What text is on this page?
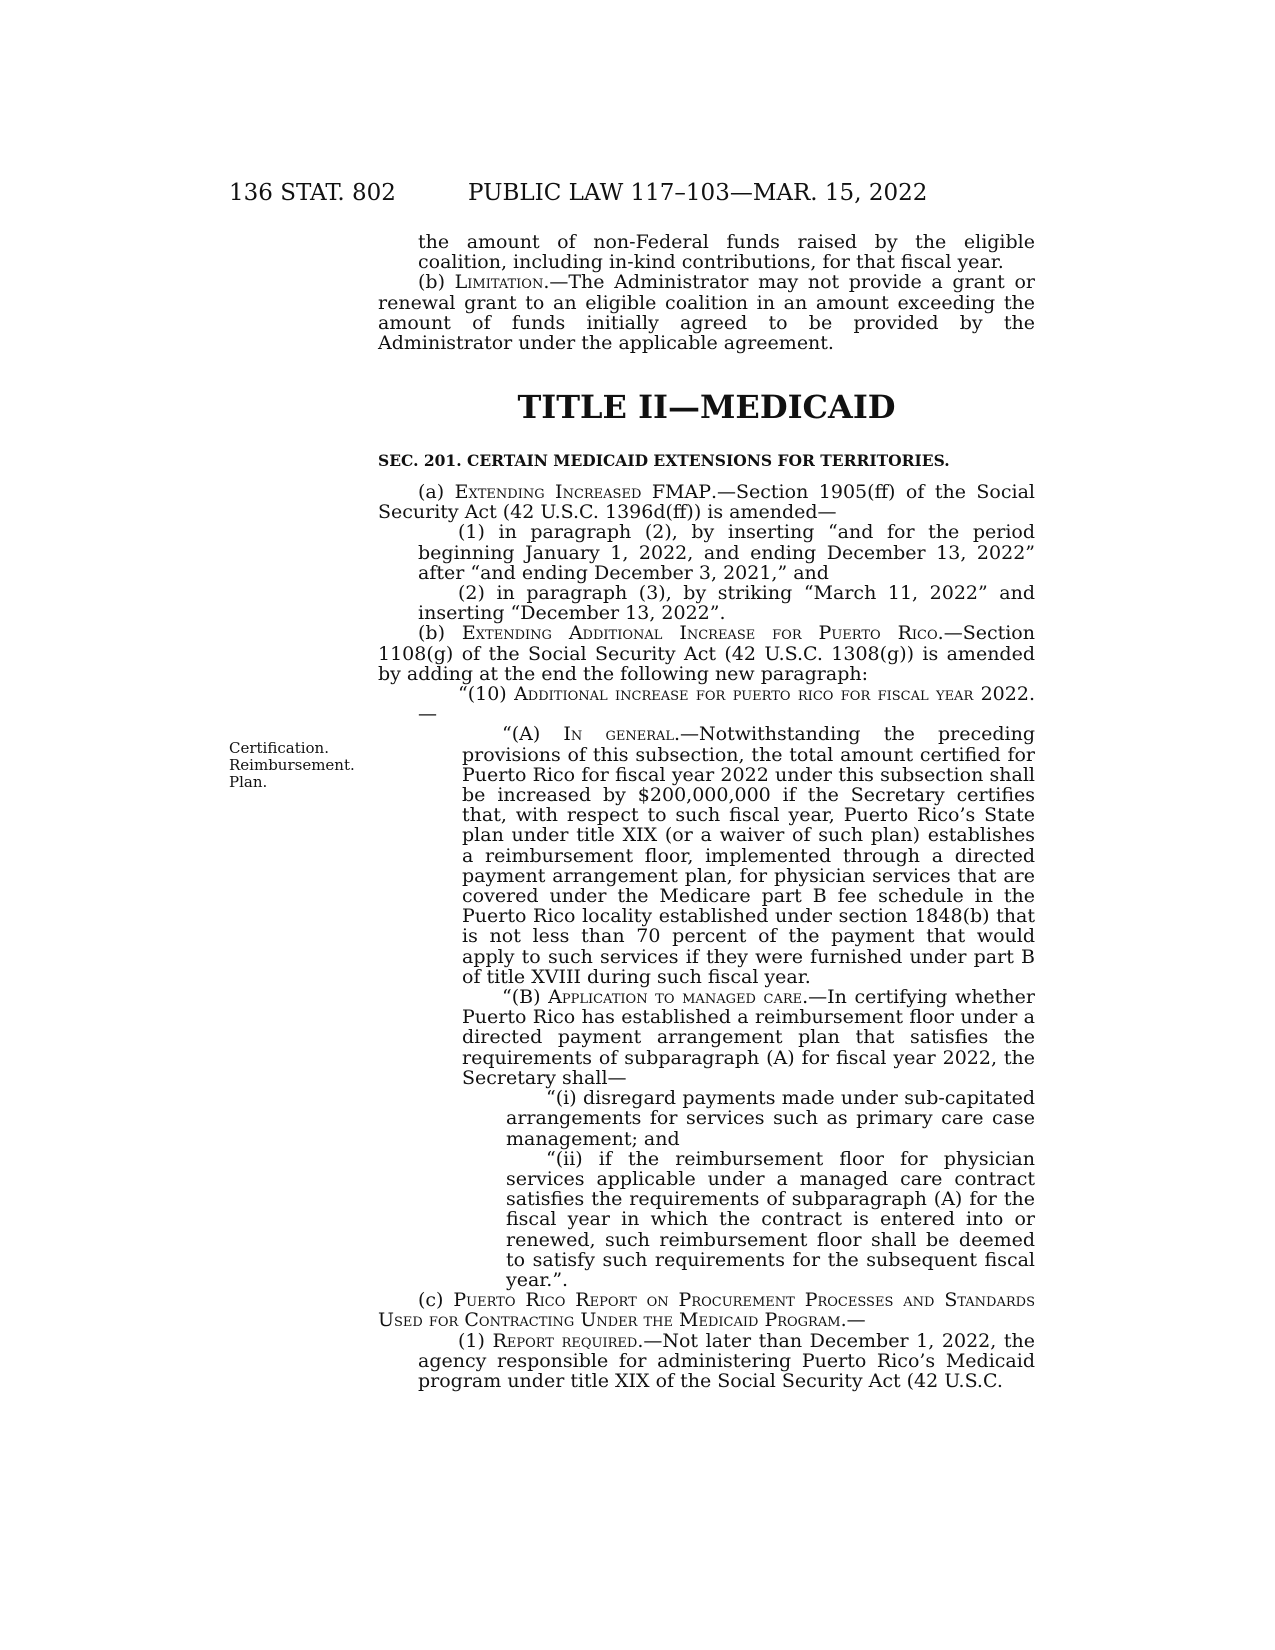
136 STAT. 802	PUBLIC LAW 117–103—MAR. 15, 2022

the amount of non-Federal funds raised by the eligible coalition, including in-kind contributions, for that fiscal year.

(b) Limitation.—The Administrator may not provide a grant or renewal grant to an eligible coalition in an amount exceeding the amount of funds initially agreed to be provided by the Administrator under the applicable agreement.

TITLE II—MEDICAID
SEC. 201. CERTAIN MEDICAID EXTENSIONS FOR TERRITORIES.
Certification.
Reimbursement.
Plan.

(a) Extending Increased FMAP.—Section 1905(ff) of the Social Security Act (42 U.S.C. 1396d(ff)) is amended—

(1) in paragraph (2), by inserting “and for the period beginning January 1, 2022, and ending December 13, 2022” after “and ending December 3, 2021,” and

(2) in paragraph (3), by striking “March 11, 2022” and inserting “December 13, 2022”.

(b) Extending Additional Increase for Puerto Rico.—Section 1108(g) of the Social Security Act (42 U.S.C. 1308(g)) is amended by adding at the end the following new paragraph:

“(10) Additional increase for puerto rico for fiscal year 2022.—

“(A) In general.—Notwithstanding the preceding provisions of this subsection, the total amount certified for Puerto Rico for fiscal year 2022 under this subsection shall be increased by $200,000,000 if the Secretary certifies that, with respect to such fiscal year, Puerto Rico’s State plan under title XIX (or a waiver of such plan) establishes a reimbursement floor, implemented through a directed payment arrangement plan, for physician services that are covered under the Medicare part B fee schedule in the Puerto Rico locality established under section 1848(b) that is not less than 70 percent of the payment that would apply to such services if they were furnished under part B of title XVIII during such fiscal year.

“(B) Application to managed care.—In certifying whether Puerto Rico has established a reimbursement floor under a directed payment arrangement plan that satisfies the requirements of subparagraph (A) for fiscal year 2022, the Secretary shall—

“(i) disregard payments made under sub-capitated arrangements for services such as primary care case management; and

“(ii) if the reimbursement floor for physician services applicable under a managed care contract satisfies the requirements of subparagraph (A) for the fiscal year in which the contract is entered into or renewed, such reimbursement floor shall be deemed to satisfy such requirements for the subsequent fiscal year.”.

(c) Puerto Rico Report on Procurement Processes and Standards Used for Contracting Under the Medicaid Program.—

(1) Report required.—Not later than December 1, 2022, the agency responsible for administering Puerto Rico’s Medicaid program under title XIX of the Social Security Act (42 U.S.C.
